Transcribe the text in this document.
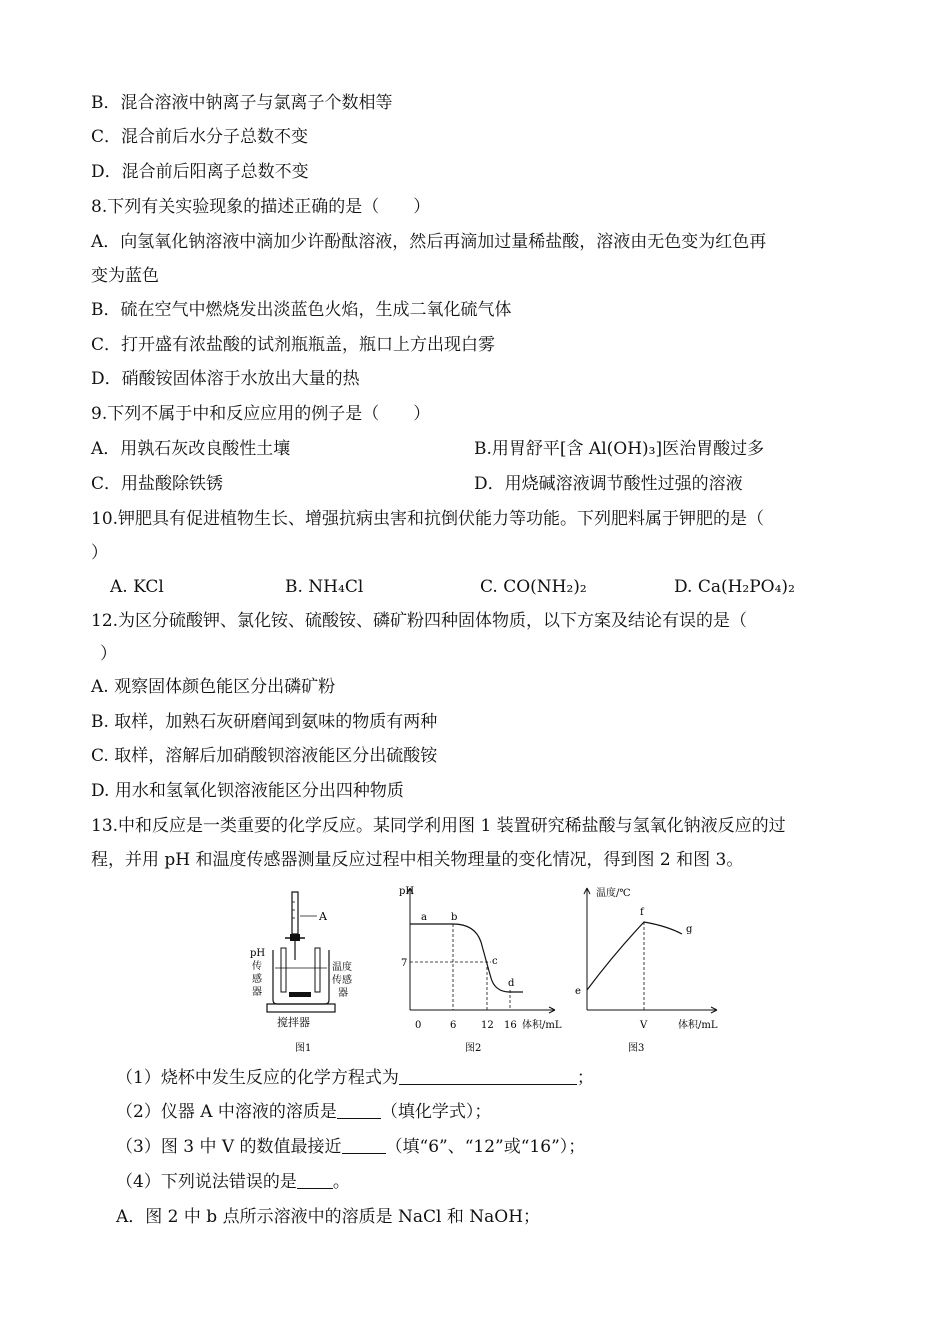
B．混合溶液中钠离子与氯离子个数相等
C．混合前后水分子总数不变
D．混合前后阳离子总数不变
8.下列有关实验现象的描述正确的是（　　）
A．向氢氧化钠溶液中滴加少许酚酞溶液，然后再滴加过量稀盐酸，溶液由无色变为红色再
变为蓝色
B．硫在空气中燃烧发出淡蓝色火焰，生成二氧化硫气体
C．打开盛有浓盐酸的试剂瓶瓶盖，瓶口上方出现白雾
D．硝酸铵固体溶于水放出大量的热
9.下列不属于中和反应应用的例子是（　　）
A．用孰石灰改良酸性土壤	B.用胃舒平[含 Al(OH)₃]医治胃酸过多
C．用盐酸除铁锈	D．用烧碱溶液调节酸性过强的溶液
10.钾肥具有促进植物生长、增强抗病虫害和抗倒伏能力等功能。下列肥料属于钾肥的是（
）
A. KCl	B. NH₄Cl	C. CO(NH₂)₂	D. Ca(H₂PO₄)₂
12.为区分硫酸钾、氯化铵、硫酸铵、磷矿粉四种固体物质，以下方案及结论有误的是（
）
A. 观察固体颜色能区分出磷矿粉
B. 取样，加熟石灰研磨闻到氨味的物质有两种
C. 取样，溶解后加硝酸钡溶液能区分出硫酸铵
D. 用水和氢氧化钡溶液能区分出四种物质
13.中和反应是一类重要的化学反应。某同学利用图 1 装置研究稀盐酸与氢氧化钠液反应的过
程，并用 pH 和温度传感器测量反应过程中相关物理量的变化情况，得到图 2 和图 3。
A
pH
传
感
器
温度
传感
器
搅拌器
图1
pH
a b
c
d
7
0	6 12 16 体积/mL
图2
温度/℃
e
f
g
V	体积/mL
图3
（1）烧杯中发生反应的化学方程式为	；
（2）仪器 A 中溶液的溶质是	（填化学式）；
（3）图 3 中 V 的数值最接近	（填“6”、“12”或“16”）；
（4）下列说法错误的是 。
A．图 2 中 b 点所示溶液中的溶质是 NaCl 和 NaOH；
